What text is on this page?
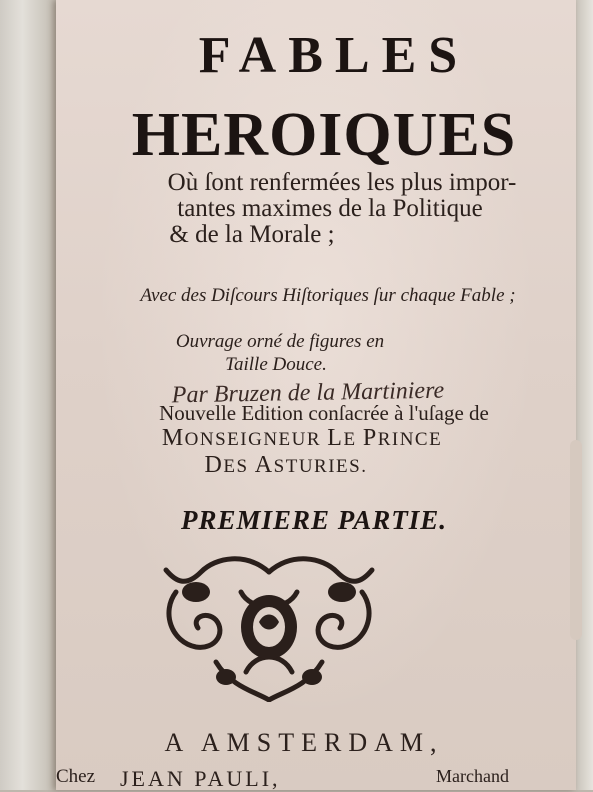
FABLES
HEROIQUES
Où ſont renfermées les plus impor-
tantes maximes de la Politique
& de la Morale ;
Avec des Diſcours Hiſtoriques ſur chaque Fable ;
Ouvrage orné de figures en
Taille Douce.
Par Bruzen de la Martiniere
Nouvelle Edition conſacrée à l'uſage de
MONSEIGNEUR LE PRINCE
DES ASTURIES.
PREMIERE PARTIE.
A AMSTERDAM,
Chez JEAN PAULI,	Marchand
